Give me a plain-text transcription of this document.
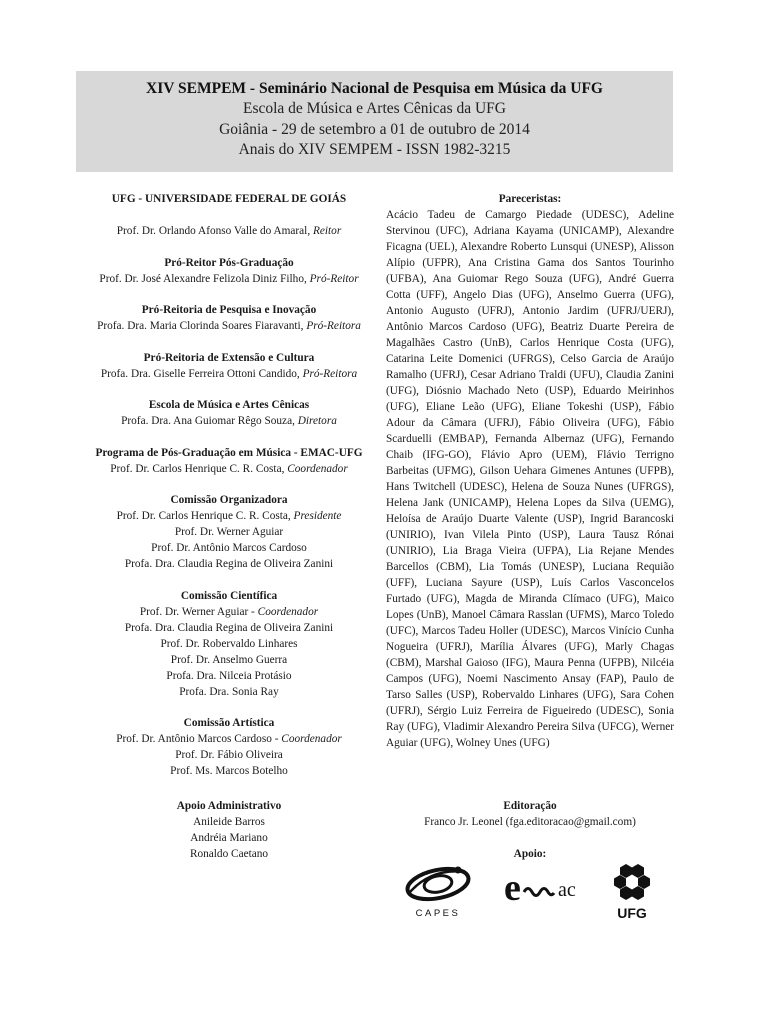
XIV SEMPEM - Seminário Nacional de Pesquisa em Música da UFG
Escola de Música e Artes Cênicas da UFG
Goiânia - 29 de setembro a 01 de outubro de 2014
Anais do XIV SEMPEM - ISSN 1982-3215
UFG - UNIVERSIDADE FEDERAL DE GOIÁS
Prof. Dr. Orlando Afonso Valle do Amaral, Reitor
Pró-Reitor Pós-Graduação
Prof. Dr. José Alexandre Felizola Diniz Filho, Pró-Reitor
Pró-Reitoria de Pesquisa e Inovação
Profa. Dra. Maria Clorinda Soares Fiaravanti, Pró-Reitora
Pró-Reitoria de Extensão e Cultura
Profa. Dra. Giselle Ferreira Ottoni Candido, Pró-Reitora
Escola de Música e Artes Cênicas
Profa. Dra. Ana Guiomar Rêgo Souza, Diretora
Programa de Pós-Graduação em Música - EMAC-UFG
Prof. Dr. Carlos Henrique C. R. Costa, Coordenador
Comissão Organizadora
Prof. Dr. Carlos Henrique C. R. Costa, Presidente
Prof. Dr. Werner Aguiar
Prof. Dr. Antônio Marcos Cardoso
Profa. Dra. Claudia Regina de Oliveira Zanini
Comissão Científica
Prof. Dr. Werner Aguiar - Coordenador
Profa. Dra. Claudia Regina de Oliveira Zanini
Prof. Dr. Robervaldo Linhares
Prof. Dr. Anselmo Guerra
Profa. Dra. Nilceia Protásio
Profa. Dra. Sonia Ray
Comissão Artística
Prof. Dr. Antônio Marcos Cardoso - Coordenador
Prof. Dr. Fábio Oliveira
Prof. Ms. Marcos Botelho
Apoio Administrativo
Anileide Barros
Andréia Mariano
Ronaldo Caetano
Pareceristas:
Acácio Tadeu de Camargo Piedade (UDESC), Adeline Stervinou (UFC), Adriana Kayama (UNICAMP), Alexandre Ficagna (UEL), Alexandre Roberto Lunsqui (UNESP), Alisson Alípio (UFPR), Ana Cristina Gama dos Santos Tourinho (UFBA), Ana Guiomar Rego Souza (UFG), André Guerra Cotta (UFF), Angelo Dias (UFG), Anselmo Guerra (UFG), Antonio Augusto (UFRJ), Antonio Jardim (UFRJ/UERJ), Antônio Marcos Cardoso (UFG), Beatriz Duarte Pereira de Magalhães Castro (UnB), Carlos Henrique Costa (UFG), Catarina Leite Domenici (UFRGS), Celso Garcia de Araújo Ramalho (UFRJ), Cesar Adriano Traldi (UFU), Claudia Zanini (UFG), Diósnio Machado Neto (USP), Eduardo Meirinhos (UFG), Eliane Leão (UFG), Eliane Tokeshi (USP), Fábio Adour da Câmara (UFRJ), Fábio Oliveira (UFG), Fábio Scarduelli (EMBAP), Fernanda Albernaz (UFG), Fernando Chaib (IFG-GO), Flávio Apro (UEM), Flávio Terrigno Barbeitas (UFMG), Gilson Uehara Gimenes Antunes (UFPB), Hans Twitchell (UDESC), Helena de Souza Nunes (UFRGS), Helena Jank (UNICAMP), Helena Lopes da Silva (UEMG), Heloísa de Araújo Duarte Valente (USP), Ingrid Barancoski (UNIRIO), Ivan Vilela Pinto (USP), Laura Tausz Rónai (UNIRIO), Lia Braga Vieira (UFPA), Lia Rejane Mendes Barcellos (CBM), Lia Tomás (UNESP), Luciana Requião (UFF), Luciana Sayure (USP), Luís Carlos Vasconcelos Furtado (UFG), Magda de Miranda Clímaco (UFG), Maico Lopes (UnB), Manoel Câmara Rasslan (UFMS), Marco Toledo (UFC), Marcos Tadeu Holler (UDESC), Marcos Vinício Cunha Nogueira (UFRJ), Marília Álvares (UFG), Marly Chagas (CBM), Marshal Gaioso (IFG), Maura Penna (UFPB), Nilcéia Campos (UFG), Noemi Nascimento Ansay (FAP), Paulo de Tarso Salles (USP), Robervaldo Linhares (UFG), Sara Cohen (UFRJ), Sérgio Luiz Ferreira de Figueiredo (UDESC), Sonia Ray (UFG), Vladimir Alexandro Pereira Silva (UFCG), Werner Aguiar (UFG), Wolney Unes (UFG)
Editoração
Franco Jr. Leonel (fga.editoracao@gmail.com)
Apoio:
CAPES
e ac
UFG
